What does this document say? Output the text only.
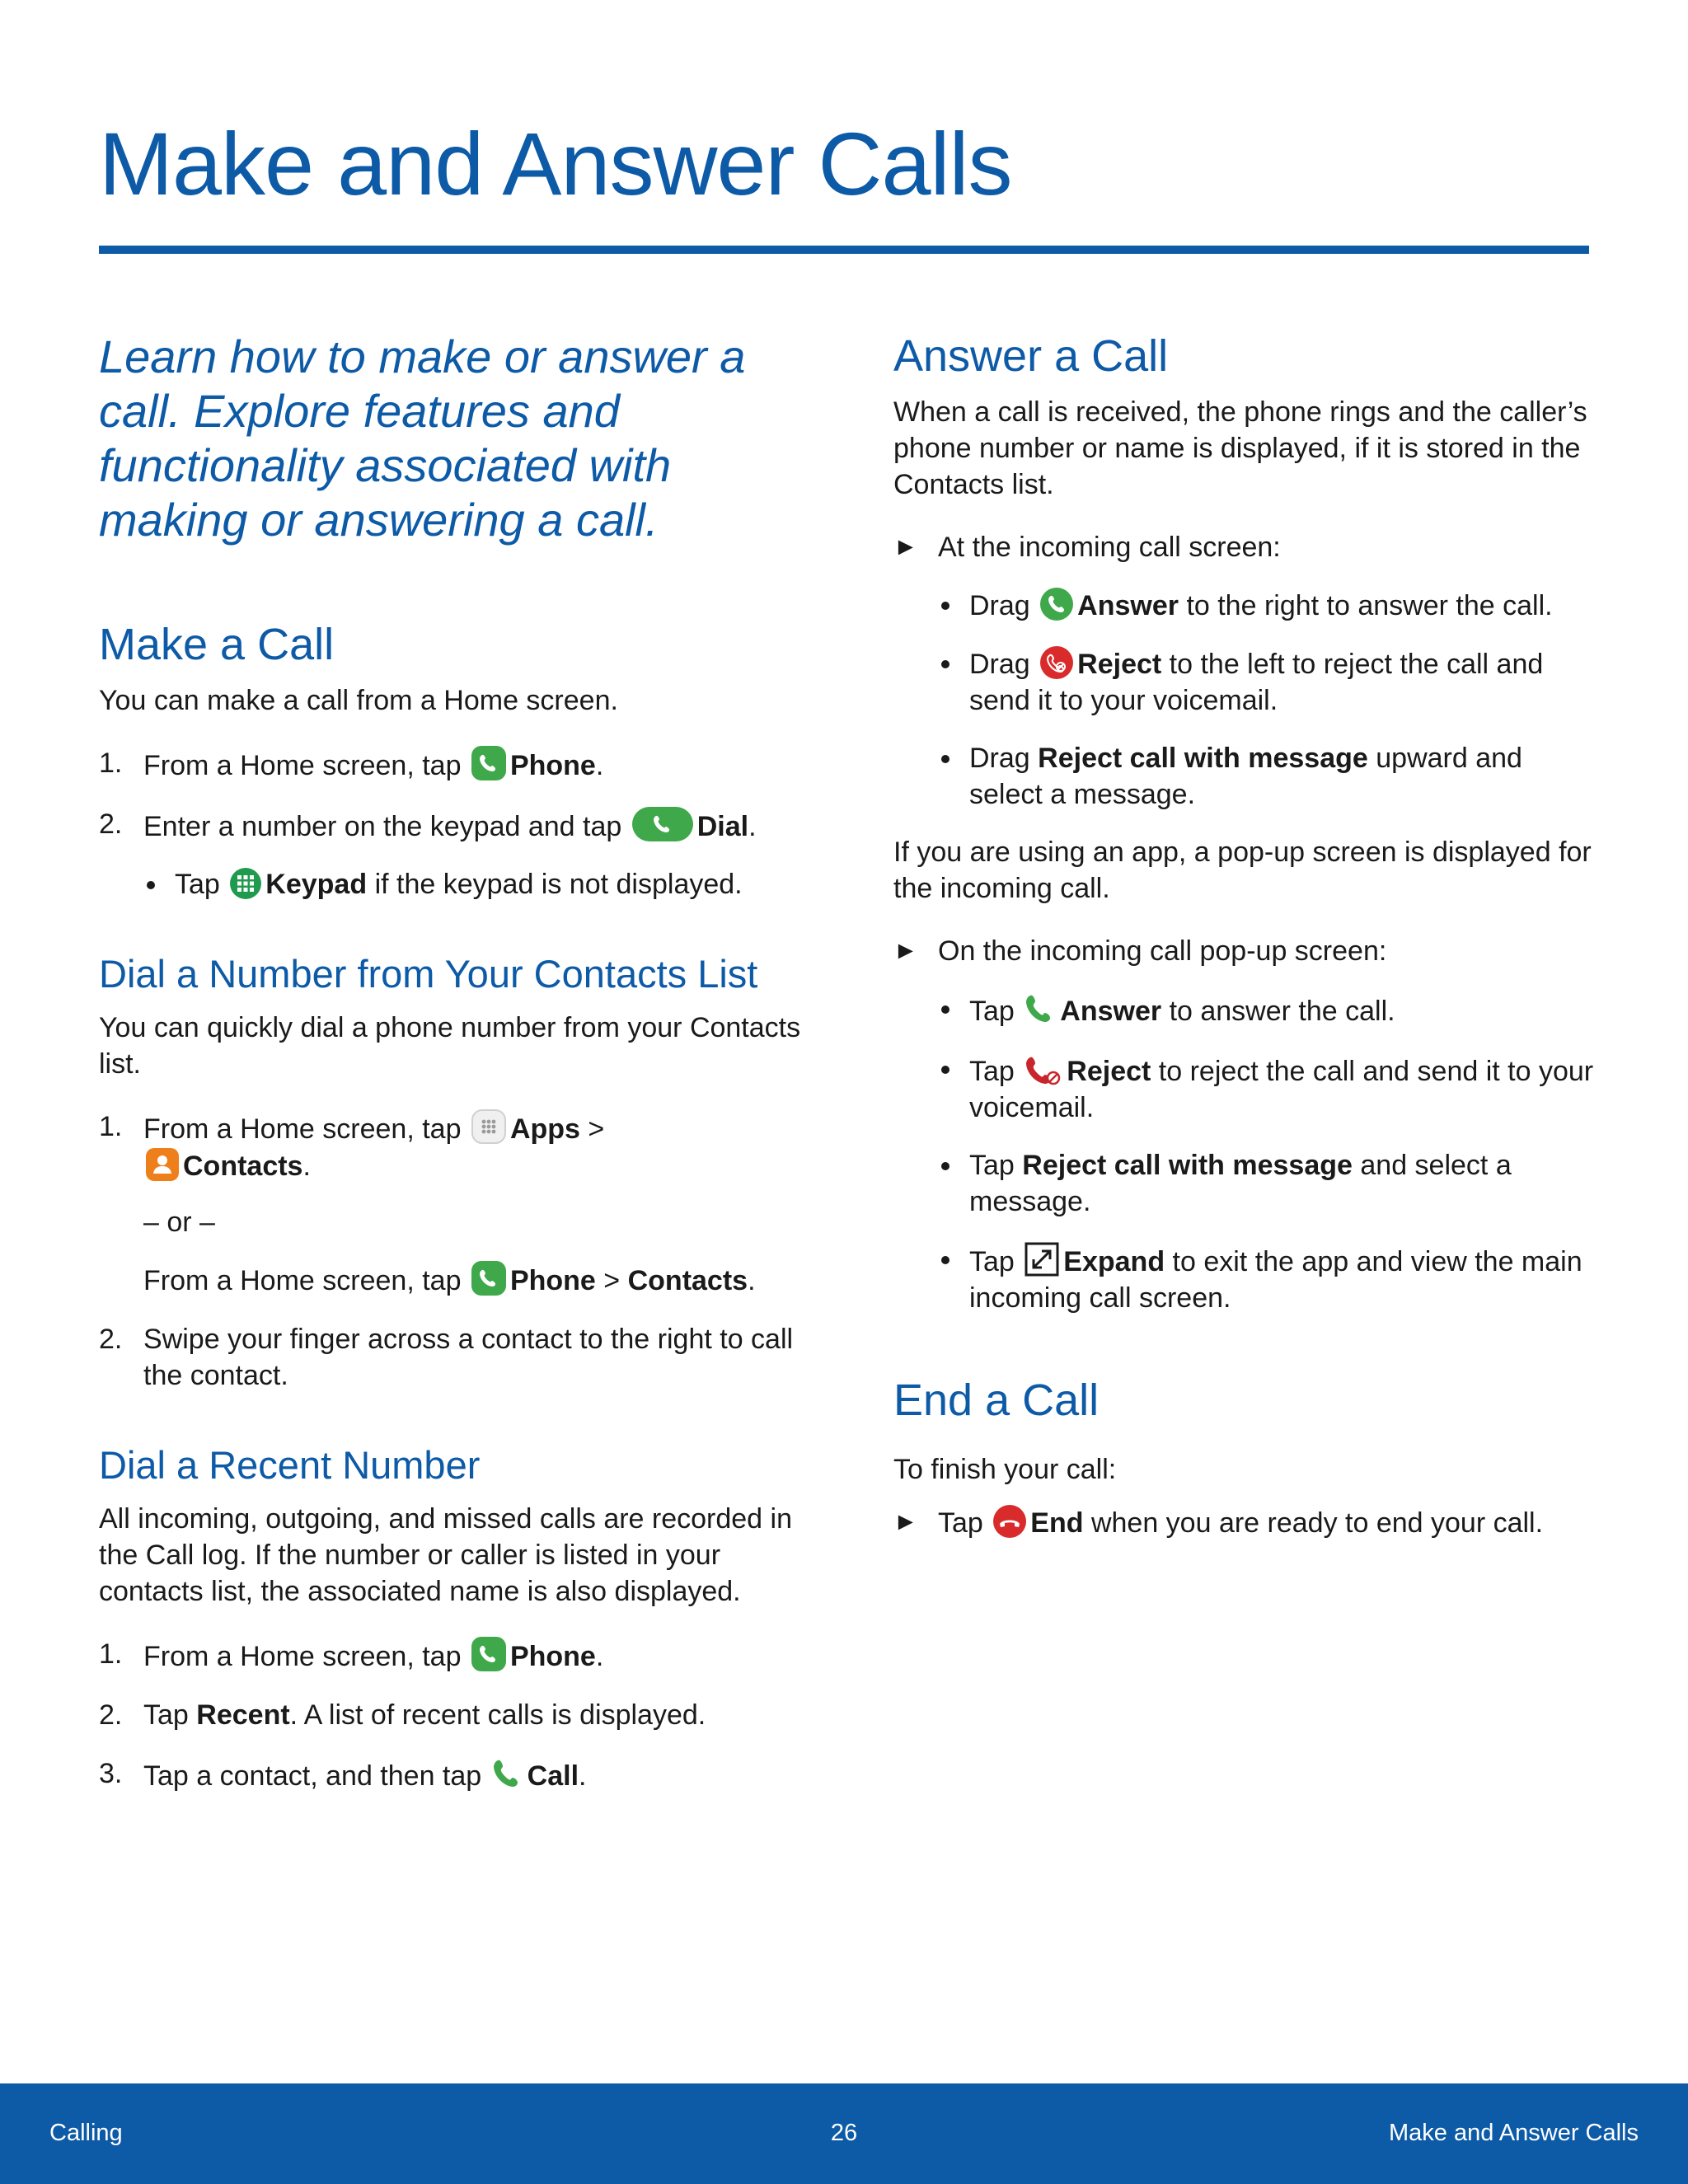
Make and Answer Calls

Learn how to make or answer a call. Explore features and functionality associated with making or answering a call.

Make a Call

You can make a call from a Home screen.

1. From a Home screen, tap Phone.
2. Enter a number on the keypad and tap	Dial.
Tap Keypad if the keypad is not displayed.
Dial a Number from Your Contacts List

You can quickly dial a phone number from your Contacts list.

1. From a Home screen, tap Apps >
Contacts.
– or –
From a Home screen, tap Phone > Contacts.
2. Swipe your finger across a contact to the right to call the contact.
Dial a Recent Number

All incoming, outgoing, and missed calls are recorded in the Call log. If the number or caller is listed in your contacts list, the associated name is also displayed.

1. From a Home screen, tap Phone.
2. Tap Recent. A list of recent calls is displayed.
3. Tap a contact, and then tap Call.
Answer a Call

When a call is received, the phone rings and the caller’s phone number or name is displayed, if it is stored in the Contacts list.

► At the incoming call screen:
Drag Answer to the right to answer the call.
Drag Reject to the left to reject the call and send it to your voicemail.
Drag Reject call with message upward and select a message.

If you are using an app, a pop-up screen is displayed for the incoming call.

► On the incoming call pop-up screen:
Tap Answer to answer the call.
Tap Reject to reject the call and send it to your voicemail.
Tap Reject call with message and select a message.
Tap Expand to exit the app and view the main incoming call screen.
End a Call

To finish your call:

► Tap End when you are ready to end your call.
Calling	26	Make and Answer Calls
